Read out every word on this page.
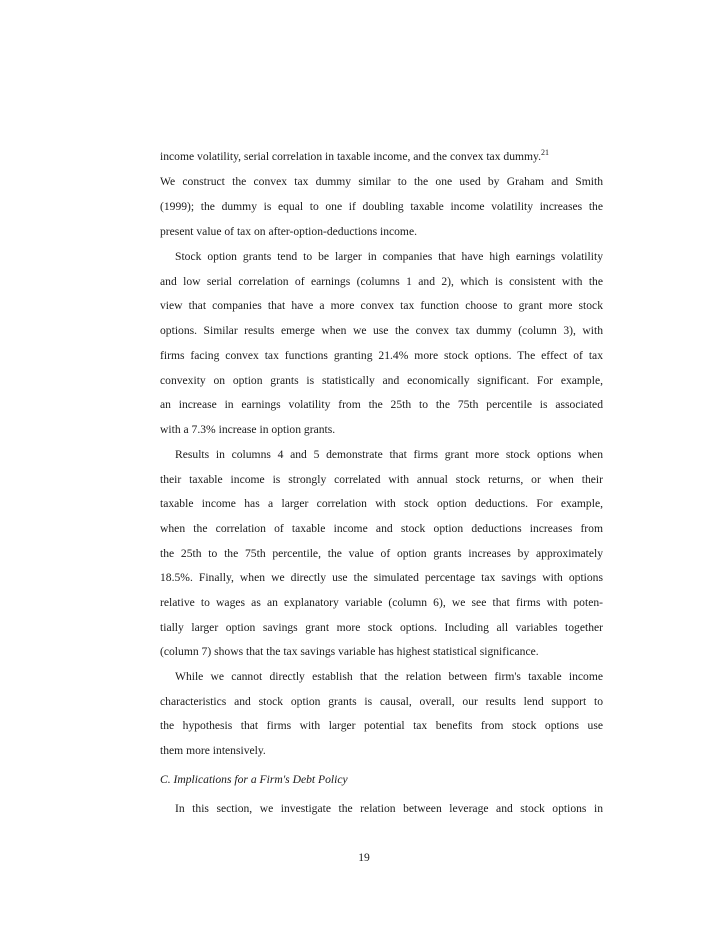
income volatility, serial correlation in taxable income, and the convex tax dummy.$^{21}$
We construct the convex tax dummy similar to the one used by Graham and Smith
(1999); the dummy is equal to one if doubling taxable income volatility increases the
present value of tax on after-option-deductions income.
Stock option grants tend to be larger in companies that have high earnings volatility
and low serial correlation of earnings (columns 1 and 2), which is consistent with the
view that companies that have a more convex tax function choose to grant more stock
options. Similar results emerge when we use the convex tax dummy (column 3), with
firms facing convex tax functions granting 21.4% more stock options. The effect of tax
convexity on option grants is statistically and economically significant. For example,
an increase in earnings volatility from the 25th to the 75th percentile is associated
with a 7.3% increase in option grants.
Results in columns 4 and 5 demonstrate that firms grant more stock options when
their taxable income is strongly correlated with annual stock returns, or when their
taxable income has a larger correlation with stock option deductions. For example,
when the correlation of taxable income and stock option deductions increases from
the 25th to the 75th percentile, the value of option grants increases by approximately
18.5%. Finally, when we directly use the simulated percentage tax savings with options
relative to wages as an explanatory variable (column 6), we see that firms with poten-
tially larger option savings grant more stock options. Including all variables together
(column 7) shows that the tax savings variable has highest statistical significance.
While we cannot directly establish that the relation between firm's taxable income
characteristics and stock option grants is causal, overall, our results lend support to
the hypothesis that firms with larger potential tax benefits from stock options use
them more intensively.
C. Implications for a Firm's Debt Policy
In this section, we investigate the relation between leverage and stock options in
19
